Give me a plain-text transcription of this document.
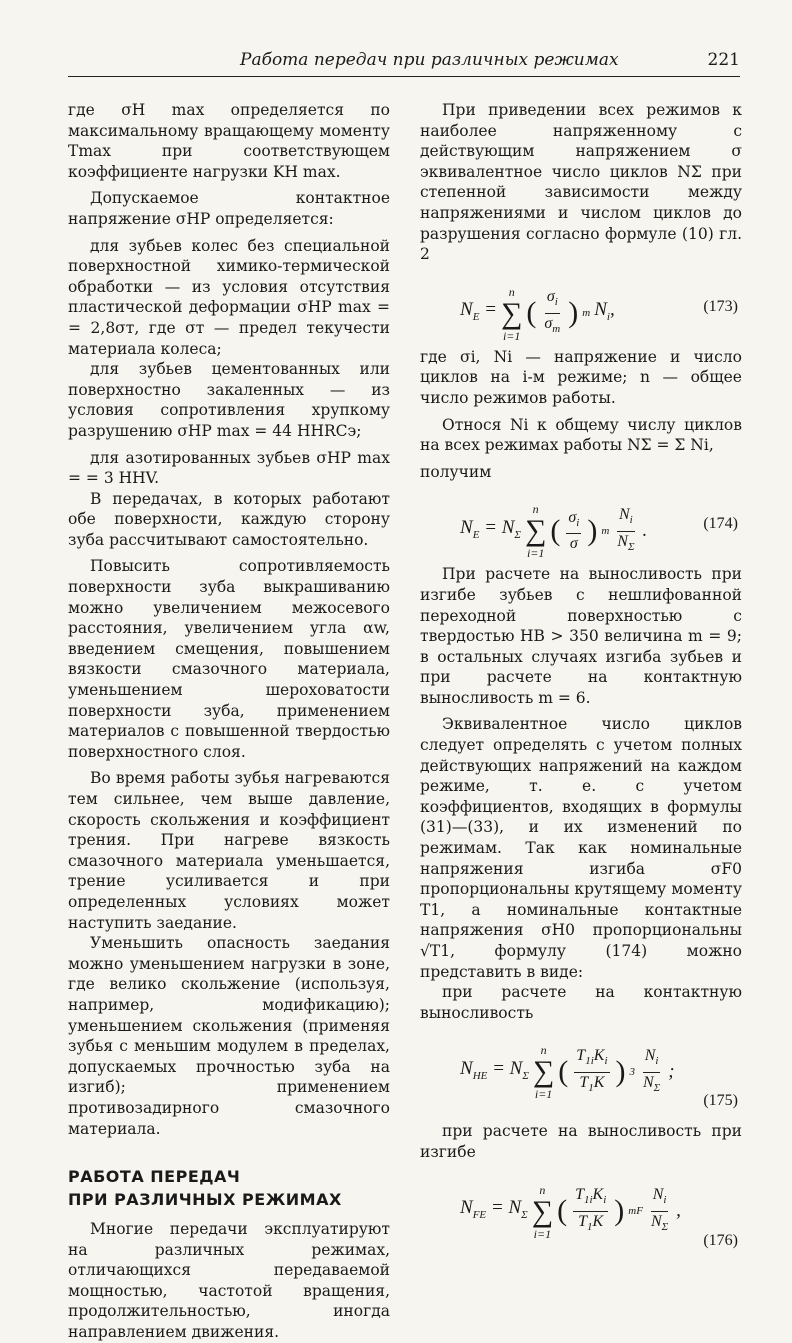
Работа передач при различных режимах	221

где σH max определяется по максимальному вращающему моменту Tmax при соответствующем коэффициенте нагрузки KH max.

Допускаемое контактное напряжение σHP определяется:

для зубьев колес без специальной поверхностной химико-термической обработки — из условия отсутствия пластической деформации σHP max = = 2,8σт, где σт — предел текучести материала колеса;

для зубьев цементованных или поверхностно закаленных — из условия сопротивления хрупкому разрушению σHP max = 44 HHRCэ;

для азотированных зубьев σHP max = = 3 HHV.

В передачах, в которых работают обе поверхности, каждую сторону зуба рассчитывают самостоятельно.

Повысить сопротивляемость поверхности зуба выкрашиванию можно увеличением межосевого расстояния, увеличением угла αw, введением смещения, повышением вязкости смазочного материала, уменьшением шероховатости поверхности зуба, применением материалов с повышенной твердостью поверхностного слоя.

Во время работы зубья нагреваются тем сильнее, чем выше давление, скорость скольжения и коэффициент трения. При нагреве вязкость смазочного материала уменьшается, трение усиливается и при определенных условиях может наступить заедание.

Уменьшить опасность заедания можно уменьшением нагрузки в зоне, где велико скольжение (используя, например, модификацию); уменьшением скольжения (применяя зубья с меньшим модулем в пределах, допускаемых прочностью зуба на изгиб); применением противозадирного смазочного материала.

РАБОТА ПЕРЕДАЧ
ПРИ РАЗЛИЧНЫХ РЕЖИМАХ

Многие передачи эксплуатируют на различных режимах, отличающихся передаваемой мощностью, частотой вращения, продолжительностью, иногда направлением движения.

При приведении всех режимов к наиболее напряженному с действующим напряжением σ эквивалентное число циклов NΣ при степенной зависимости между напряжениями и числом циклов до разрушения согласно формуле (10) гл. 2

$N_E$ =
n
∑
i=1
( $\frac{\sigma_i}{\sigma_m}$ ) m $N_i$,	(173)

где σi, Ni — напряжение и число циклов на i-м режиме; n — общее число режимов работы.

Относя Ni к общему числу циклов на всех режимах работы NΣ = Σ Ni,

получим

$N_E = N_\Sigma$
n
∑
i=1
( $\frac{\sigma_i}{\sigma}$ ) m $\frac{N_i}{N_\Sigma}$ .	(174)

При расчете на выносливость при изгибе зубьев с нешлифованной переходной поверхностью с твердостью HB > 350 величина m = 9; в остальных случаях изгиба зубьев и при расчете на контактную выносливость m = 6.

Эквивалентное число циклов следует определять с учетом полных действующих напряжений на каждом режиме, т. е. с учетом коэффициентов, входящих в формулы (31)—(33), и их изменений по режимам. Так как номинальные напряжения изгиба σF0 пропорциональны крутящему моменту T1, а номинальные контактные напряжения σH0 пропорциональны √T1, формулу (174) можно представить в виде:

при расчете на контактную выносливость

$N_{HE} = N_\Sigma$
n
∑
i=1
( $\frac{T_{1i}K_i}{T_1K}$ ) $3 \frac{N_i}{N_\Sigma}$ ;
(175)

при расчете на выносливость при изгибе

$N_{FE} = N_\Sigma$
n
∑
i=1
( $\frac{T_{1i}K_i}{T_1K}$ ) mF $\frac{N_i}{N_\Sigma}$ ,
(176)
